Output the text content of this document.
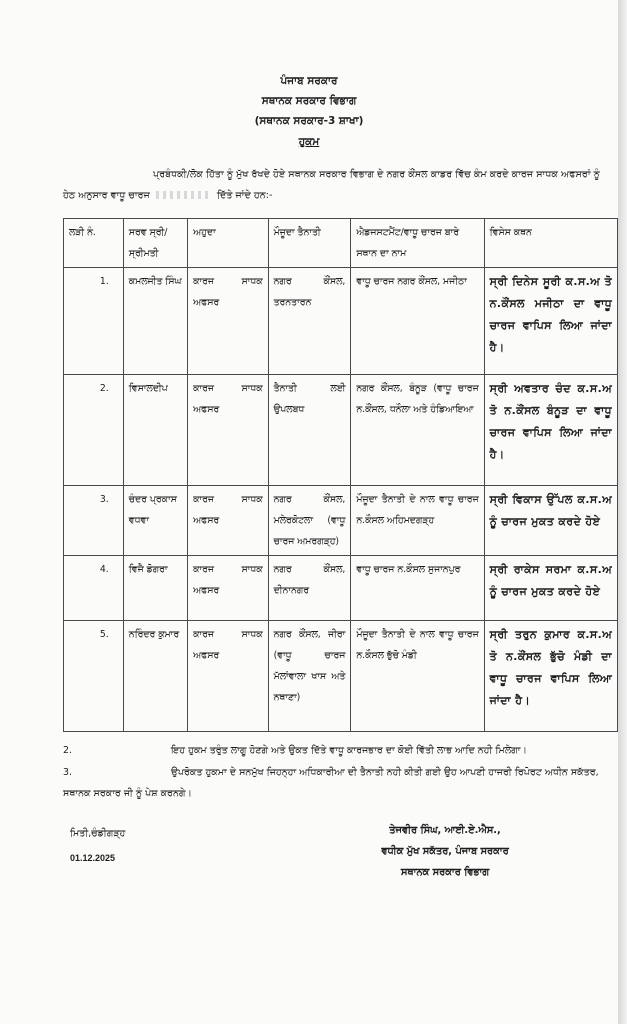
ਪੰਜਾਬ ਸਰਕਾਰ
ਸਥਾਨਕ ਸਰਕਾਰ ਵਿਭਾਗ
(ਸਥਾਨਕ ਸਰਕਾਰ-3 ਸ਼ਾਖਾ)
ਹੁਕਮ
ਪ੍ਰਬੰਧਕੀ/ਲੋਕ ਹਿੱਤਾ ਨੂੰ ਮੁੱਖ ਰੱਖਦੇ ਹੋਏ ਸਥਾਨਕ ਸਰਕਾਰ ਵਿਭਾਗ ਦੇ ਨਗਰ ਕੌਂਸਲ ਕਾਡਰ ਵਿੱਚ ਕੰਮ ਕਰਦੇ ਕਾਰਜ ਸਾਧਕ ਅਫਸਰਾਂ ਨੂੰ ਹੇਠ ਅਨੁਸਾਰ ਵਾਧੂ ਚਾਰਜ	ਦਿੱਤੇ ਜਾਂਦੇ ਹਨ:-
ਲੜੀ ਨੰ.	ਸਰਵ ਸ੍ਰੀ/ਸ੍ਰੀਮਤੀ	ਅਹੁਦਾ	ਮੌਜੂਦਾ ਤੈਨਾਤੀ	ਐਡਜਸਟਮੈਂਟ/ਵਾਧੂ ਚਾਰਜ ਬਾਰੇ ਸਥਾਨ ਦਾ ਨਾਮ	ਵਿਸੇਸ ਕਥਨ
1.	ਕਮਲਜੀਤ ਸਿੰਘ	ਕਾਰਜ ਸਾਧਕ ਅਫਸਰ	ਨਗਰ ਕੌਂਸਲ, ਤਰਨਤਾਰਨ	ਵਾਧੂ ਚਾਰਜ ਨਗਰ ਕੌਂਸਲ, ਮਜੀਠਾ	ਸ੍ਰੀ ਦਿਨੇਸ ਸੂਰੀ ਕ.ਸ.ਅ ਤੋ ਨ.ਕੌਂਸਲ ਮਜੀਠਾ ਦਾ ਵਾਧੂ ਚਾਰਜ ਵਾਪਿਸ ਲਿਆ ਜਾਂਦਾ ਹੈ।
2.	ਵਿਸਾਲਦੀਪ	ਕਾਰਜ ਸਾਧਕ ਅਫਸਰ	ਤੈਨਾਤੀ ਲਈ ਉਪਲਬਧ	ਨਗਰ ਕੌਂਸਲ, ਬੰਨੂੜ (ਵਾਧੂ ਚਾਰਜ ਨ.ਕੌਂਸਲ, ਧਨੌਲਾ ਅਤੇ ਹੰਡਿਆਇਆ	ਸ੍ਰੀ ਅਵਤਾਰ ਚੰਦ ਕ.ਸ.ਅ ਤੋ ਨ.ਕੌਂਸਲ ਬੰਨੂੜ ਦਾ ਵਾਧੂ ਚਾਰਜ ਵਾਪਿਸ ਲਿਆ ਜਾਂਦਾ ਹੈ।
3.	ਚੰਦਰ ਪ੍ਰਕਾਸ ਵਧਵਾ	ਕਾਰਜ ਸਾਧਕ ਅਫਸਰ	ਨਗਰ ਕੌਂਸਲ, ਮਲੇਰਕੋਟਲਾ (ਵਾਧੂ ਚਾਰਜ ਅਮਰਗੜ੍ਹ)	ਮੌਜੂਦਾ ਤੈਨਾਤੀ ਦੇ ਨਾਲ ਵਾਧੂ ਚਾਰਜ ਨ.ਕੌਸਲ ਅਹਿਮਦਗੜ੍ਹ	ਸ੍ਰੀ ਵਿਕਾਸ ਉੱਪਲ ਕ.ਸ.ਅ ਨੂੰ ਚਾਰਜ ਮੁਕਤ ਕਰਦੇ ਹੋਏ
4.	ਵਿਜੈ ਡੋਗਰਾ	ਕਾਰਜ ਸਾਧਕ ਅਫਸਰ	ਨਗਰ ਕੌਂਸਲ, ਦੀਨਾਨਗਰ	ਵਾਧੂ ਚਾਰਜ ਨ.ਕੌਸਲ ਸੁਜਾਨਪੁਰ	ਸ੍ਰੀ ਰਾਕੇਸ ਸਰਮਾ ਕ.ਸ.ਅ ਨੂੰ ਚਾਰਜ ਮੁਕਤ ਕਰਦੇ ਹੋਏ
5.	ਨਰਿੰਦਰ ਕੁਮਾਰ	ਕਾਰਜ ਸਾਧਕ ਅਫਸਰ	ਨਗਰ ਕੌਂਸਲ, ਜੀਰਾ (ਵਾਧੂ ਚਾਰਜ ਮੱਲਾਂਵਾਲਾ ਖਾਸ ਅਤੇ ਨਥਾਣਾ)	ਮੌਜੂਦਾ ਤੈਨਾਤੀ ਦੇ ਨਾਲ ਵਾਧੂ ਚਾਰਜ ਨ.ਕੌਸਲ ਭੁੱਚੋ ਮੰਡੀ	ਸ੍ਰੀ ਤਰੁਨ ਕੁਮਾਰ ਕ.ਸ.ਅ ਤੋ ਨ.ਕੌਂਸਲ ਭੁੱਚੋ ਮੰਡੀ ਦਾ ਵਾਧੂ ਚਾਰਜ ਵਾਪਿਸ ਲਿਆ ਜਾਂਦਾ ਹੈ।
2.	ਇਹ ਹੁਕਮ ਤਰੁੰਤ ਲਾਗੂ ਹੋਣਗੇ ਅਤੇ ਉਕਤ ਦਿੱਤੇ ਵਾਧੂ ਕਾਰਜਭਾਰ ਦਾ ਕੋਈ ਵਿੱਤੀ ਲਾਭ ਆਦਿ ਨਹੀ ਮਿਲੇਗਾ।
3.	ਉਪਰੋਕਤ ਹੁਕਮਾ ਦੇ ਸਨਮੁੱਖ ਜਿਹਨ੍ਹਾ ਅਧਿਕਾਰੀਆ ਦੀ ਤੈਨਾਤੀ ਨਹੀ ਕੀਤੀ ਗਈ ਉਹ ਆਪਣੀ ਹਾਜਰੀ ਰਿਪੋਰਟ ਅਧੀਨ ਸਕੱਤਰ, ਸਥਾਨਕ ਸਰਕਾਰ ਜੀ ਨੂੰ ਪੇਸ਼ ਕਰਨਗੇ।
ਮਿਤੀ,ਚੰਡੀਗੜ੍ਹ
01.12.2025
ਤੇਜਵੀਰ ਸਿੰਘ, ਆਈ.ਏ.ਐਸ.,
ਵਧੀਕ ਮੁੱਖ ਸਕੱਤਰ, ਪੰਜਾਬ ਸਰਕਾਰ
ਸਥਾਨਕ ਸਰਕਾਰ ਵਿਭਾਗ
